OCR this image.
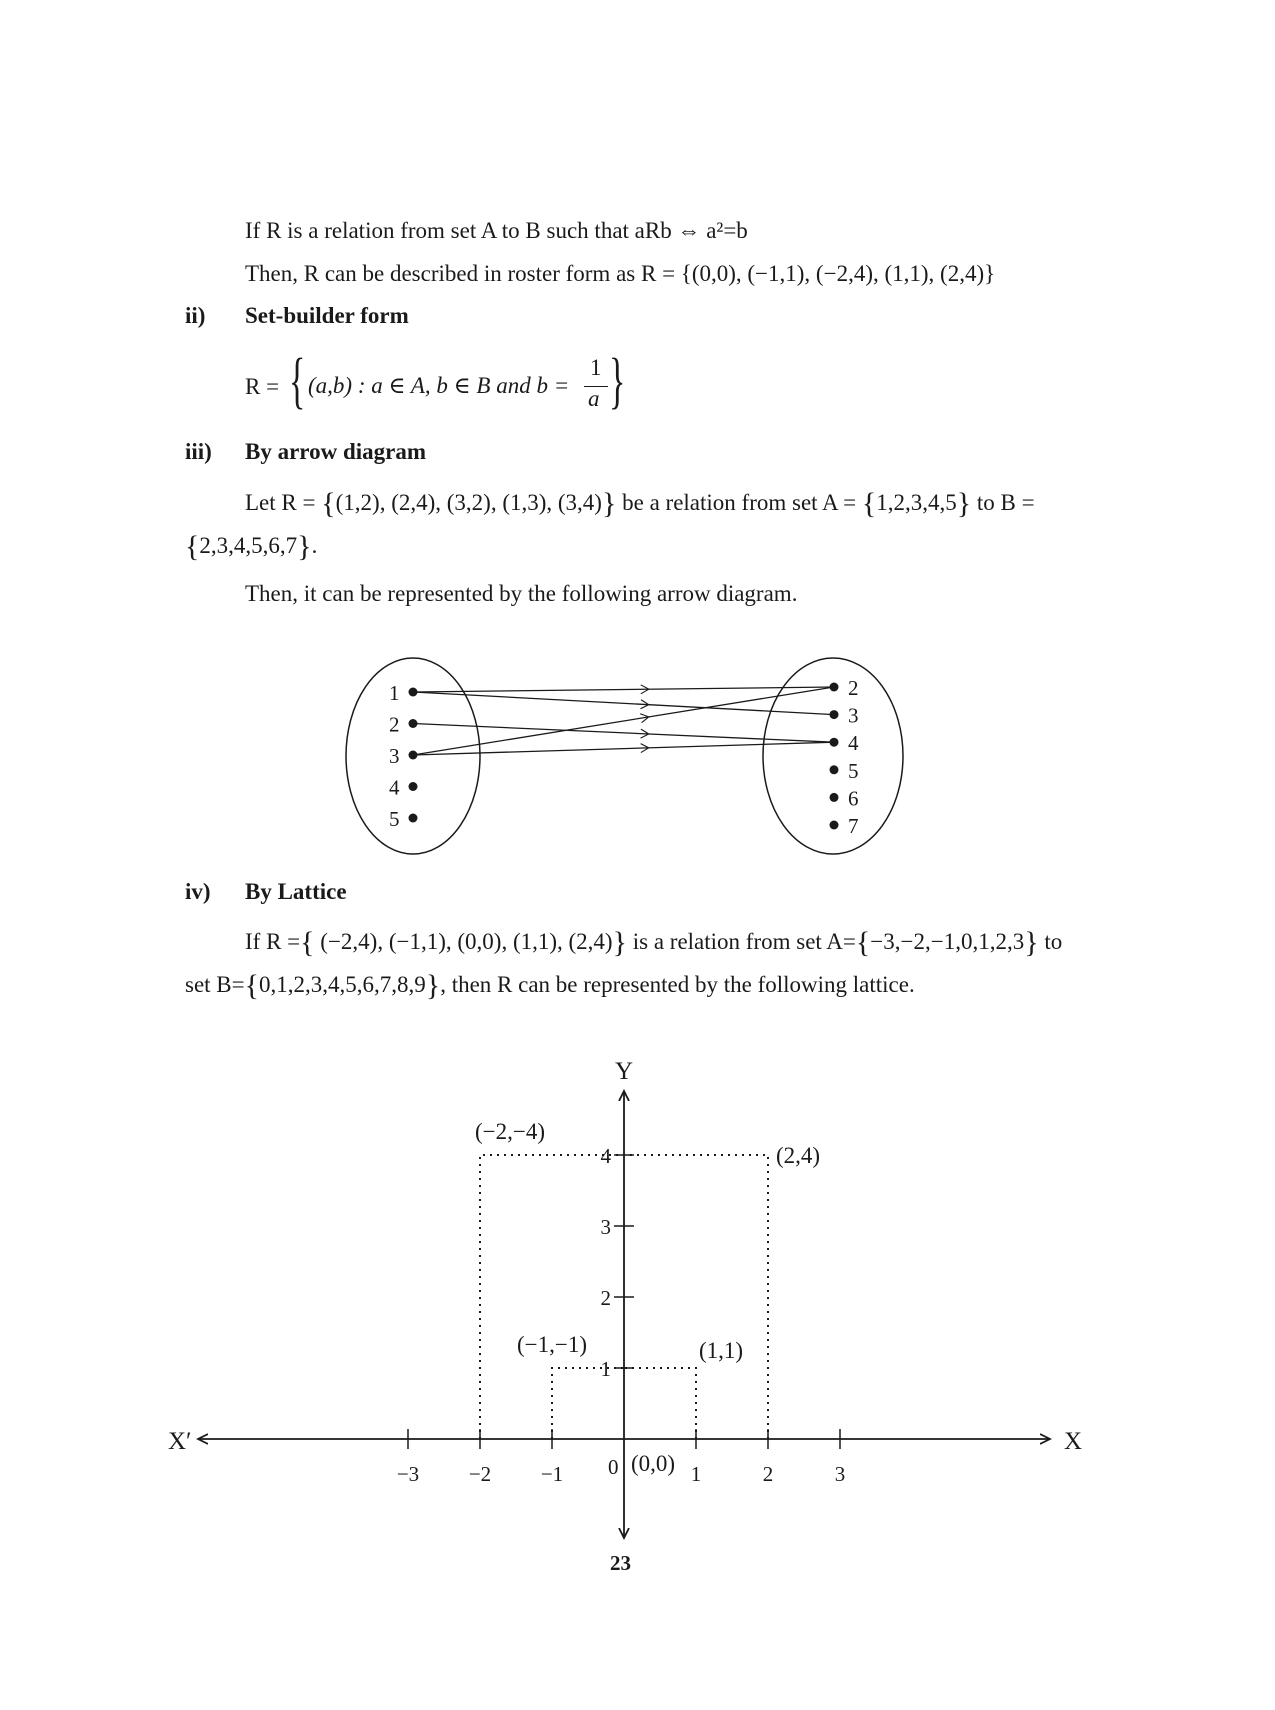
If R is a relation from set A to B such that aRb ⇔ a²=b
Then, R can be described in roster form as R = {(0,0), (−1,1), (−2,4), (1,1), (2,4)}
ii) Set-builder form
R = { (a,b) : a ∈ A, b ∈ B and b =
1
a }
iii) By arrow diagram
Let R = {(1,2), (2,4), (3,2), (1,3), (3,4)} be a relation from set A = {1,2,3,4,5} to B =
{2,3,4,5,6,7}.
Then, it can be represented by the following arrow diagram.
1
2
3
4
5
2
3
4
5
6
7
iv) By Lattice
If R ={ (−2,4), (−1,1), (0,0), (1,1), (2,4)} is a relation from set A={−3,−2,−1,0,1,2,3} to
set B={0,1,2,3,4,5,6,7,8,9}, then R can be represented by the following lattice.
−3 −2 −1	1	2	3
1
2
3
4
X
X′
Y
0
(−2,−4)
(−1,−1)
(0,0)
(1,1)
(2,4)
23
